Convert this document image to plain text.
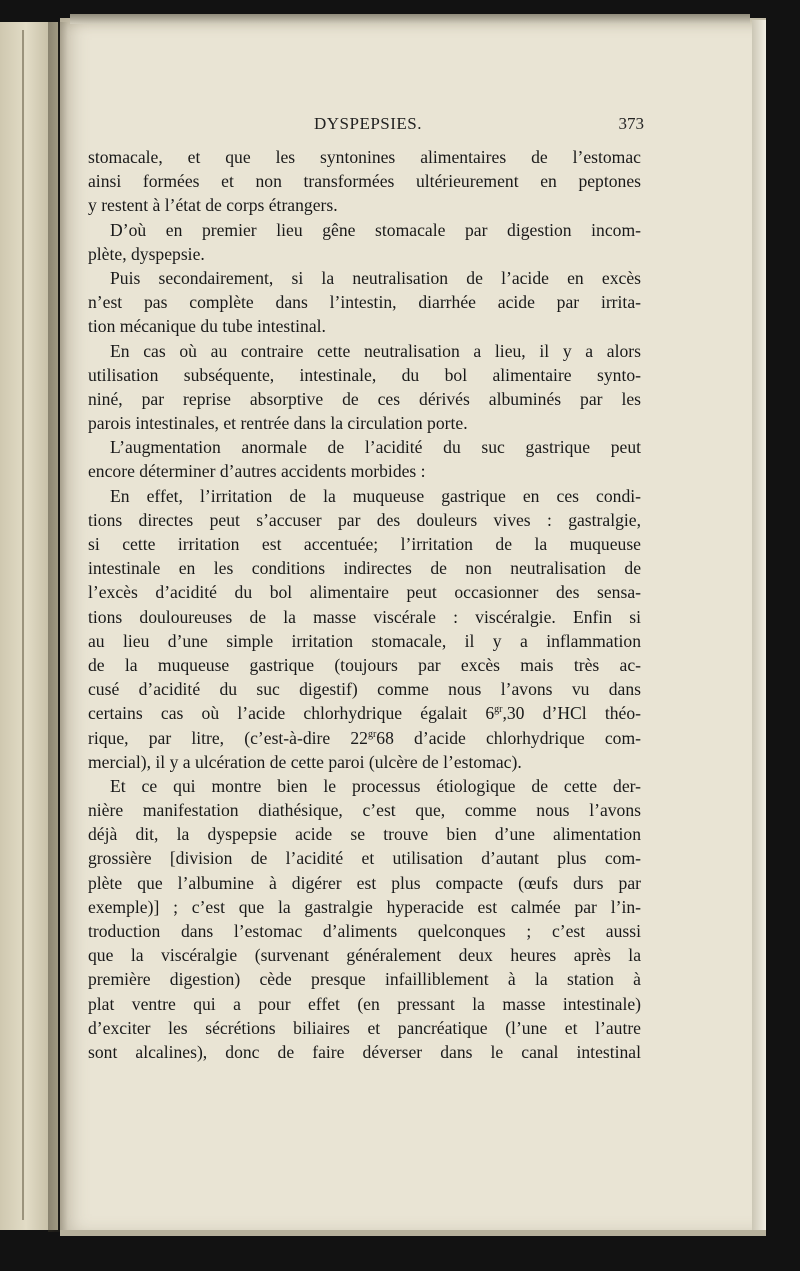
DYSPEPSIES.	373
stomacale, et que les syntonines alimentaires de l’estomac
ainsi formées et non transformées ultérieurement en peptones
y restent à l’état de corps étrangers.
D’où en premier lieu gêne stomacale par digestion incom-
plète, dyspepsie.
Puis secondairement, si la neutralisation de l’acide en excès
n’est pas complète dans l’intestin, diarrhée acide par irrita-
tion mécanique du tube intestinal.
En cas où au contraire cette neutralisation a lieu, il y a alors
utilisation subséquente, intestinale, du bol alimentaire synto-
niné, par reprise absorptive de ces dérivés albuminés par les
parois intestinales, et rentrée dans la circulation porte.
L’augmentation anormale de l’acidité du suc gastrique peut
encore déterminer d’autres accidents morbides :
En effet, l’irritation de la muqueuse gastrique en ces condi-
tions directes peut s’accuser par des douleurs vives : gastralgie,
si cette irritation est accentuée; l’irritation de la muqueuse
intestinale en les conditions indirectes de non neutralisation de
l’excès d’acidité du bol alimentaire peut occasionner des sensa-
tions douloureuses de la masse viscérale : viscéralgie. Enfin si
au lieu d’une simple irritation stomacale, il y a inflammation
de la muqueuse gastrique (toujours par excès mais très ac-
cusé d’acidité du suc digestif) comme nous l’avons vu dans
certains cas où l’acide chlorhydrique égalait $6^{gr},30$ d’HCl théo-
rique, par litre, (c’est-à-dire $22^{gr}68$ d’acide chlorhydrique com-
mercial), il y a ulcération de cette paroi (ulcère de l’estomac).
Et ce qui montre bien le processus étiologique de cette der-
nière manifestation diathésique, c’est que, comme nous l’avons
déjà dit, la dyspepsie acide se trouve bien d’une alimentation
grossière [division de l’acidité et utilisation d’autant plus com-
plète que l’albumine à digérer est plus compacte (œufs durs par
exemple)] ; c’est que la gastralgie hyperacide est calmée par l’in-
troduction dans l’estomac d’aliments quelconques ; c’est aussi
que la viscéralgie (survenant généralement deux heures après la
première digestion) cède presque infailliblement à la station à
plat ventre qui a pour effet (en pressant la masse intestinale)
d’exciter les sécrétions biliaires et pancréatique (l’une et l’autre
sont alcalines), donc de faire déverser dans le canal intestinal
